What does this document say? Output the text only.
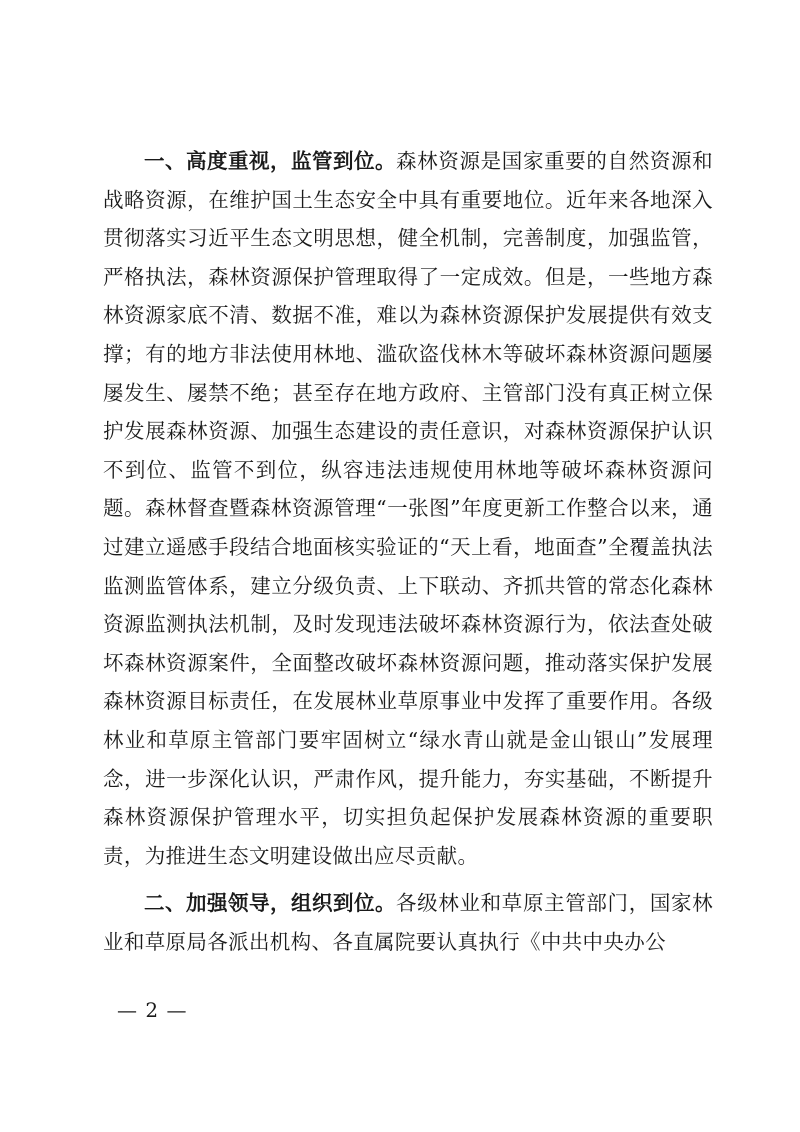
一、高度重视，监管到位。森林资源是国家重要的自然资源和战略资源，在维护国土生态安全中具有重要地位。近年来各地深入贯彻落实习近平生态文明思想，健全机制，完善制度，加强监管，严格执法，森林资源保护管理取得了一定成效。但是，一些地方森林资源家底不清、数据不准，难以为森林资源保护发展提供有效支撑；有的地方非法使用林地、滥砍盗伐林木等破坏森林资源问题屡屡发生、屡禁不绝；甚至存在地方政府、主管部门没有真正树立保护发展森林资源、加强生态建设的责任意识，对森林资源保护认识不到位、监管不到位，纵容违法违规使用林地等破坏森林资源问题。森林督查暨森林资源管理“一张图”年度更新工作整合以来，通过建立遥感手段结合地面核实验证的“天上看，地面查”全覆盖执法监测监管体系，建立分级负责、上下联动、齐抓共管的常态化森林资源监测执法机制，及时发现违法破坏森林资源行为，依法查处破坏森林资源案件，全面整改破坏森林资源问题，推动落实保护发展森林资源目标责任，在发展林业草原事业中发挥了重要作用。各级林业和草原主管部门要牢固树立“绿水青山就是金山银山”发展理念，进一步深化认识，严肃作风，提升能力，夯实基础，不断提升森林资源保护管理水平，切实担负起保护发展森林资源的重要职责，为推进生态文明建设做出应尽贡献。

二、加强领导，组织到位。各级林业和草原主管部门，国家林业和草原局各派出机构、各直属院要认真执行《中共中央办公

— 2 —
